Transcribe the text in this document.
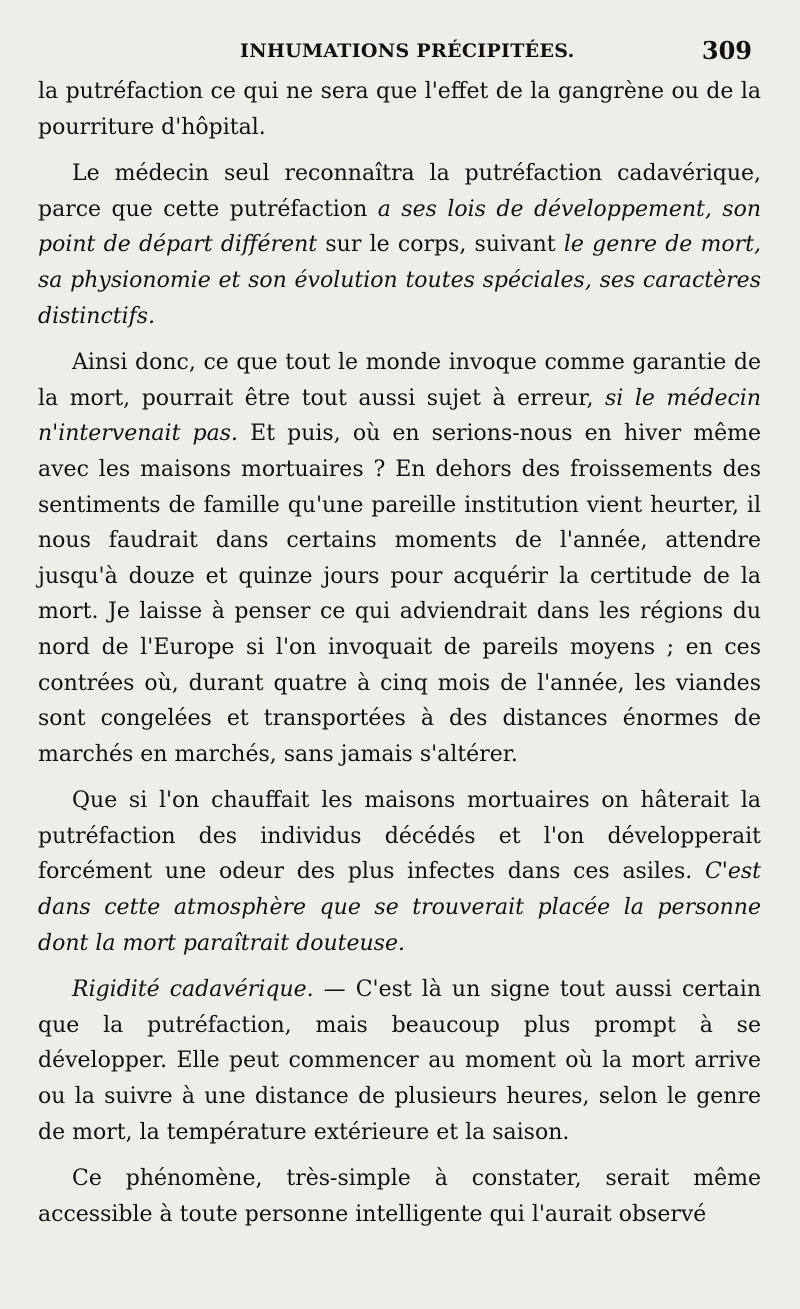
INHUMATIONS PRÉCIPITÉES.	309

la putréfaction ce qui ne sera que l'effet de la gangrène ou de la pourriture d'hôpital.

Le médecin seul reconnaîtra la putréfaction cadavérique, parce que cette putréfaction a ses lois de développement, son point de départ différent sur le corps, suivant le genre de mort, sa physionomie et son évolution toutes spéciales, ses caractères distinctifs.

Ainsi donc, ce que tout le monde invoque comme garantie de la mort, pourrait être tout aussi sujet à erreur, si le médecin n'intervenait pas. Et puis, où en serions-nous en hiver même avec les maisons mortuaires ? En dehors des froissements des sentiments de famille qu'une pareille institution vient heurter, il nous faudrait dans certains moments de l'année, attendre jusqu'à douze et quinze jours pour acquérir la certitude de la mort. Je laisse à penser ce qui adviendrait dans les régions du nord de l'Europe si l'on invoquait de pareils moyens ; en ces contrées où, durant quatre à cinq mois de l'année, les viandes sont congelées et transportées à des distances énormes de marchés en marchés, sans jamais s'altérer.

Que si l'on chauffait les maisons mortuaires on hâterait la putréfaction des individus décédés et l'on développerait forcément une odeur des plus infectes dans ces asiles. C'est dans cette atmosphère que se trouverait placée la personne dont la mort paraîtrait douteuse.

Rigidité cadavérique. — C'est là un signe tout aussi certain que la putréfaction, mais beaucoup plus prompt à se développer. Elle peut commencer au moment où la mort arrive ou la suivre à une distance de plusieurs heures, selon le genre de mort, la température extérieure et la saison.

Ce phénomène, très-simple à constater, serait même accessible à toute personne intelligente qui l'aurait observé
